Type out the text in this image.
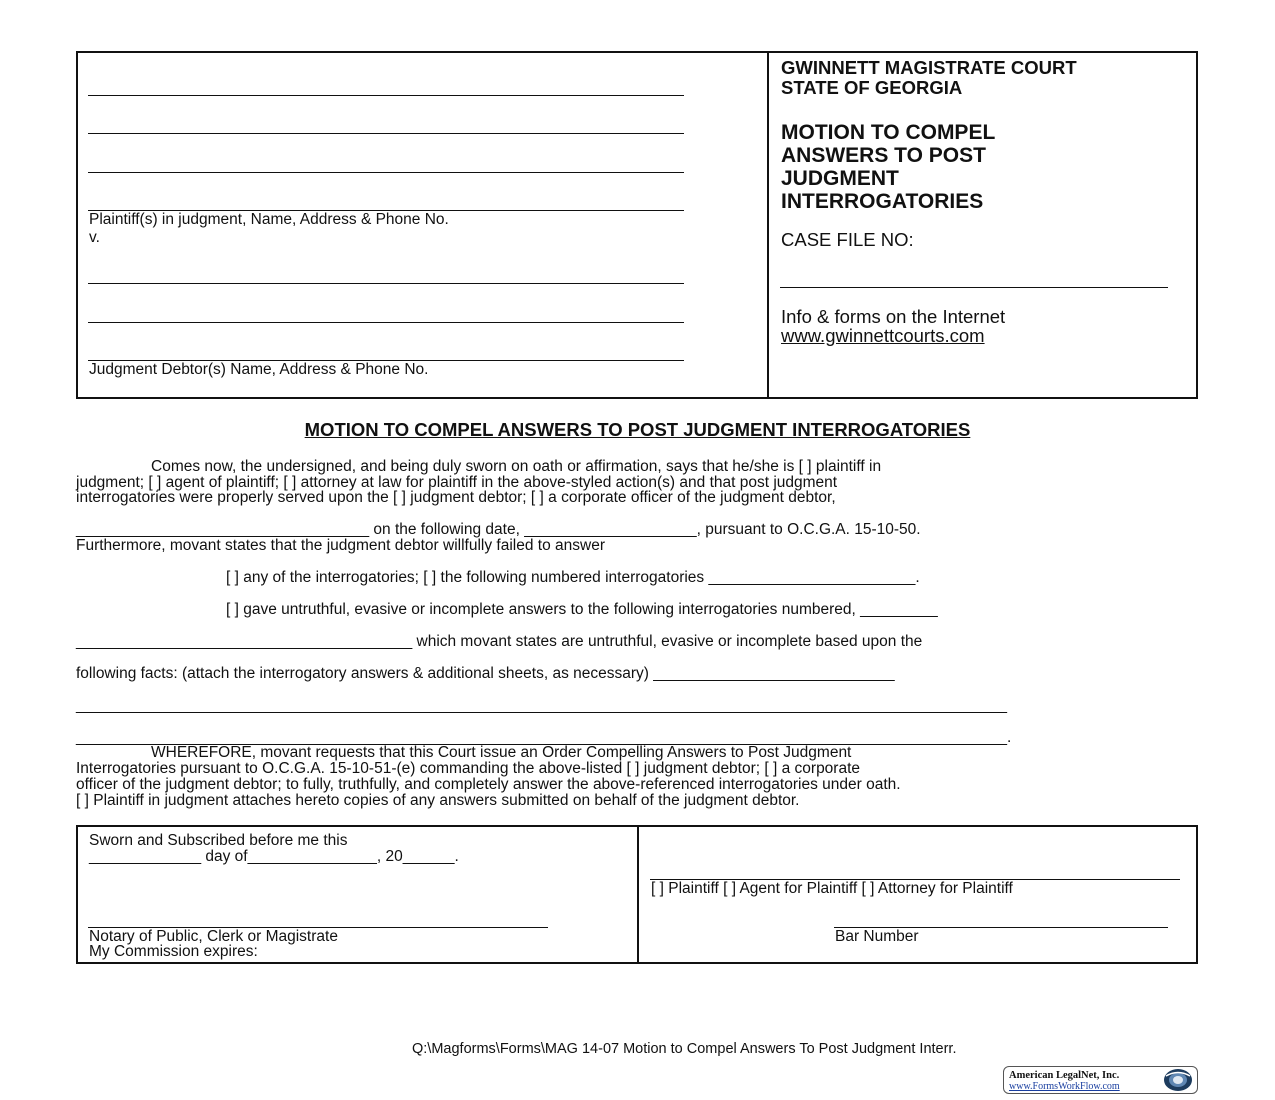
Plaintiff(s) in judgment, Name, Address & Phone No.
v.
Judgment Debtor(s) Name, Address & Phone No.
GWINNETT MAGISTRATE COURT
STATE OF GEORGIA
MOTION TO COMPEL
ANSWERS TO POST
JUDGMENT
INTERROGATORIES
CASE FILE NO:
Info & forms on the Internet
www.gwinnettcourts.com
MOTION TO COMPEL ANSWERS TO POST JUDGMENT INTERROGATORIES
Comes now, the undersigned, and being duly sworn on oath or affirmation, says that he/she is [ ] plaintiff in
judgment; [ ] agent of plaintiff; [ ] attorney at law for plaintiff in the above-styled action(s) and that post judgment
interrogatories were properly served upon the [ ] judgment debtor; [ ] a corporate officer of the judgment debtor,
__________________________________ on the following date, ____________________, pursuant to O.C.G.A. 15-10-50.
Furthermore, movant states that the judgment debtor willfully failed to answer
[ ] any of the interrogatories; [ ] the following numbered interrogatories ________________________.
[ ] gave untruthful, evasive or incomplete answers to the following interrogatories numbered, _________
_______________________________________ which movant states are untruthful, evasive or incomplete based upon the
following facts: (attach the interrogatory answers & additional sheets, as necessary) ____________________________
____________________________________________________________________________________________________________
____________________________________________________________________________________________________________.
WHEREFORE, movant requests that this Court issue an Order Compelling Answers to Post Judgment
Interrogatories pursuant to O.C.G.A. 15-10-51-(e) commanding the above-listed [ ] judgment debtor; [ ] a corporate
officer of the judgment debtor; to fully, truthfully, and completely answer the above-referenced interrogatories under oath.
[ ] Plaintiff in judgment attaches hereto copies of any answers submitted on behalf of the judgment debtor.
Sworn and Subscribed before me this
_____________ day of_______________, 20______.
Notary of Public, Clerk or Magistrate
My Commission expires:
[ ] Plaintiff [ ] Agent for Plaintiff [ ] Attorney for Plaintiff
Bar Number
Q:\Magforms\Forms\MAG 14-07 Motion to Compel Answers To Post Judgment Interr.
American LegalNet, Inc.
www.FormsWorkFlow.com
